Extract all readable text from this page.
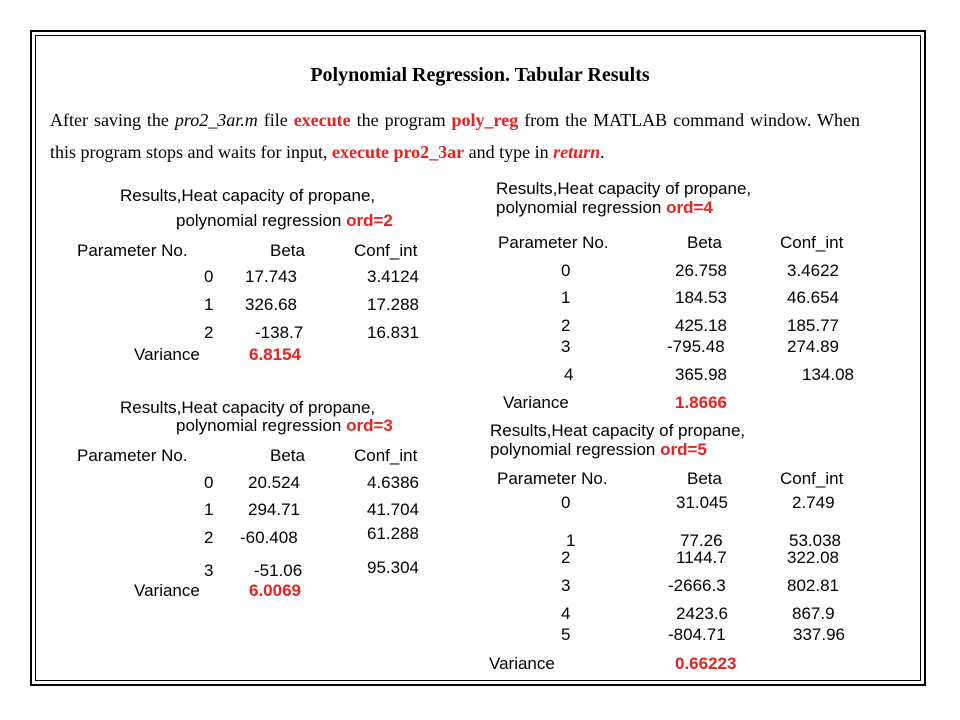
Polynomial Regression. Tabular Results
After saving the pro2_3ar.m file execute the program poly_reg from the MATLAB command window. When this program stops and waits for input, execute pro2_3ar and type in return.
Results,Heat capacity of propane,
polynomial regression ord=2
Parameter No.	Beta	Conf_int
0 17.743	3.4124
1 326.68	17.288
2 -138.7	16.831
Variance	6.8154
Results,Heat capacity of propane,
polynomial regression ord=3
Parameter No.	Beta	Conf_int
0 20.524	4.6386
1 294.71	41.704
2 -60.408	61.288
3 -51.06	95.304
Variance	6.0069
Results,Heat capacity of propane,
polynomial regression ord=4
Parameter No.	Beta	Conf_int
0	26.758	3.4622
1	184.53	46.654
2	425.18	185.77
3	-795.48	274.89
4	365.98	134.08
Variance	1.8666
Results,Heat capacity of propane,
polynomial regression ord=5
Parameter No.	Beta	Conf_int
0	31.045	2.749
1	77.26	53.038
2	1144.7	322.08
3	-2666.3	802.81
4	2423.6	867.9
5	-804.71	337.96
Variance	0.66223
